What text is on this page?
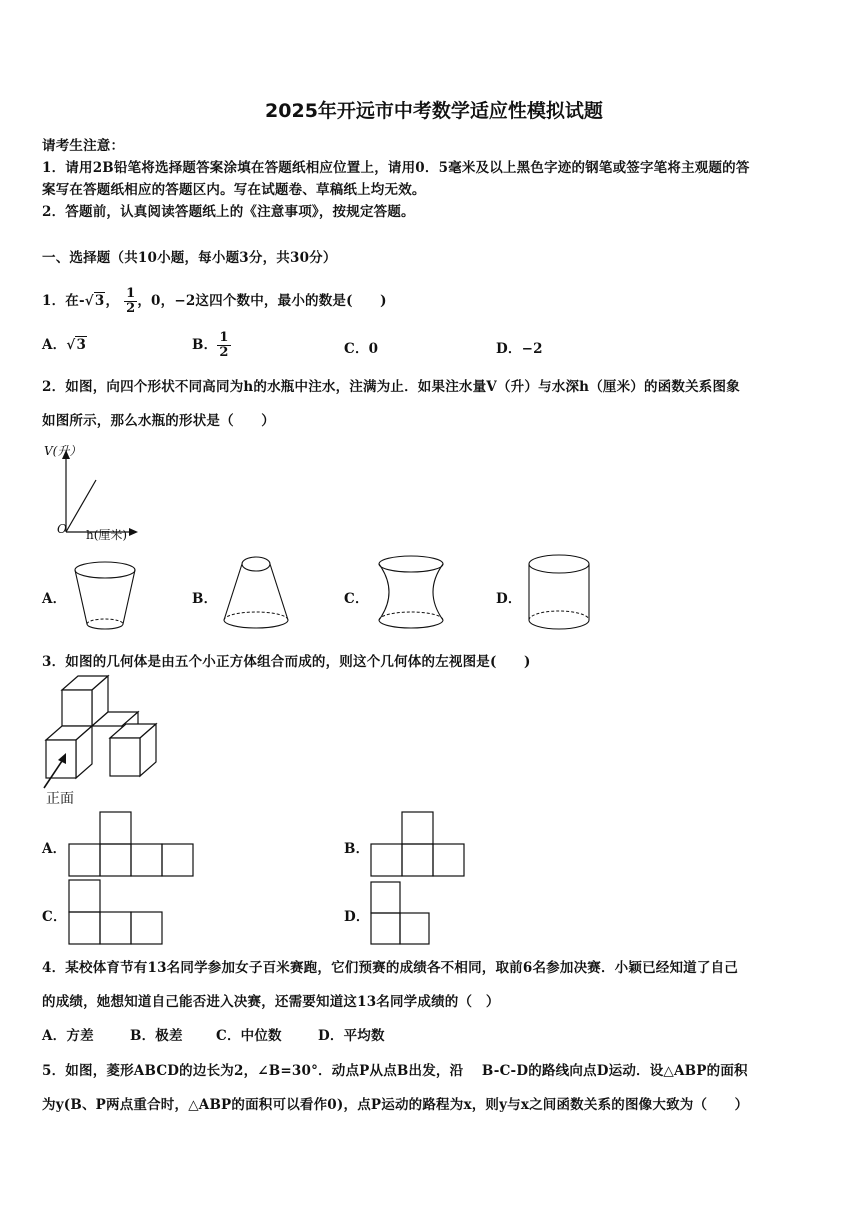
2025年开远市中考数学适应性模拟试题
请考生注意：
1．请用2B铅笔将选择题答案涂填在答题纸相应位置上，请用0．5毫米及以上黑色字迹的钢笔或签字笔将主观题的答
案写在答题纸相应的答题区内。写在试题卷、草稿纸上均无效。
2．答题前，认真阅读答题纸上的《注意事项》，按规定答题。
一、选择题（共10小题，每小题3分，共30分）
1．在-√3， $\frac{1}{2}$ ，0，−2这四个数中，最小的数是(　　)
A．√3	B． $\frac{1}{2}$	C．0	D．−2
2．如图，向四个形状不同高同为h的水瓶中注水，注满为止．如果注水量V（升）与水深h（厘米）的函数关系图象
如图所示，那么水瓶的形状是（　　）
V(升）
O h(厘米)
A．	B．	C．	D．
3．如图的几何体是由五个小正方体组合而成的，则这个几何体的左视图是(　　)
正面
A．	B．
C．	D．
4．某校体育节有13名同学参加女子百米赛跑，它们预赛的成绩各不相同，取前6名参加决赛．小颖已经知道了自己
的成绩，她想知道自己能否进入决赛，还需要知道这13名同学成绩的（　）
A．方差	B．极差 C．中位数	D．平均数
5．如图，菱形ABCD的边长为2，∠B=30°．动点P从点B出发，沿　 B-C-D的路线向点D运动．设△ABP的面积
为y(B、P两点重合时，△ABP的面积可以看作0)，点P运动的路程为x，则y与x之间函数关系的图像大致为（　　）
